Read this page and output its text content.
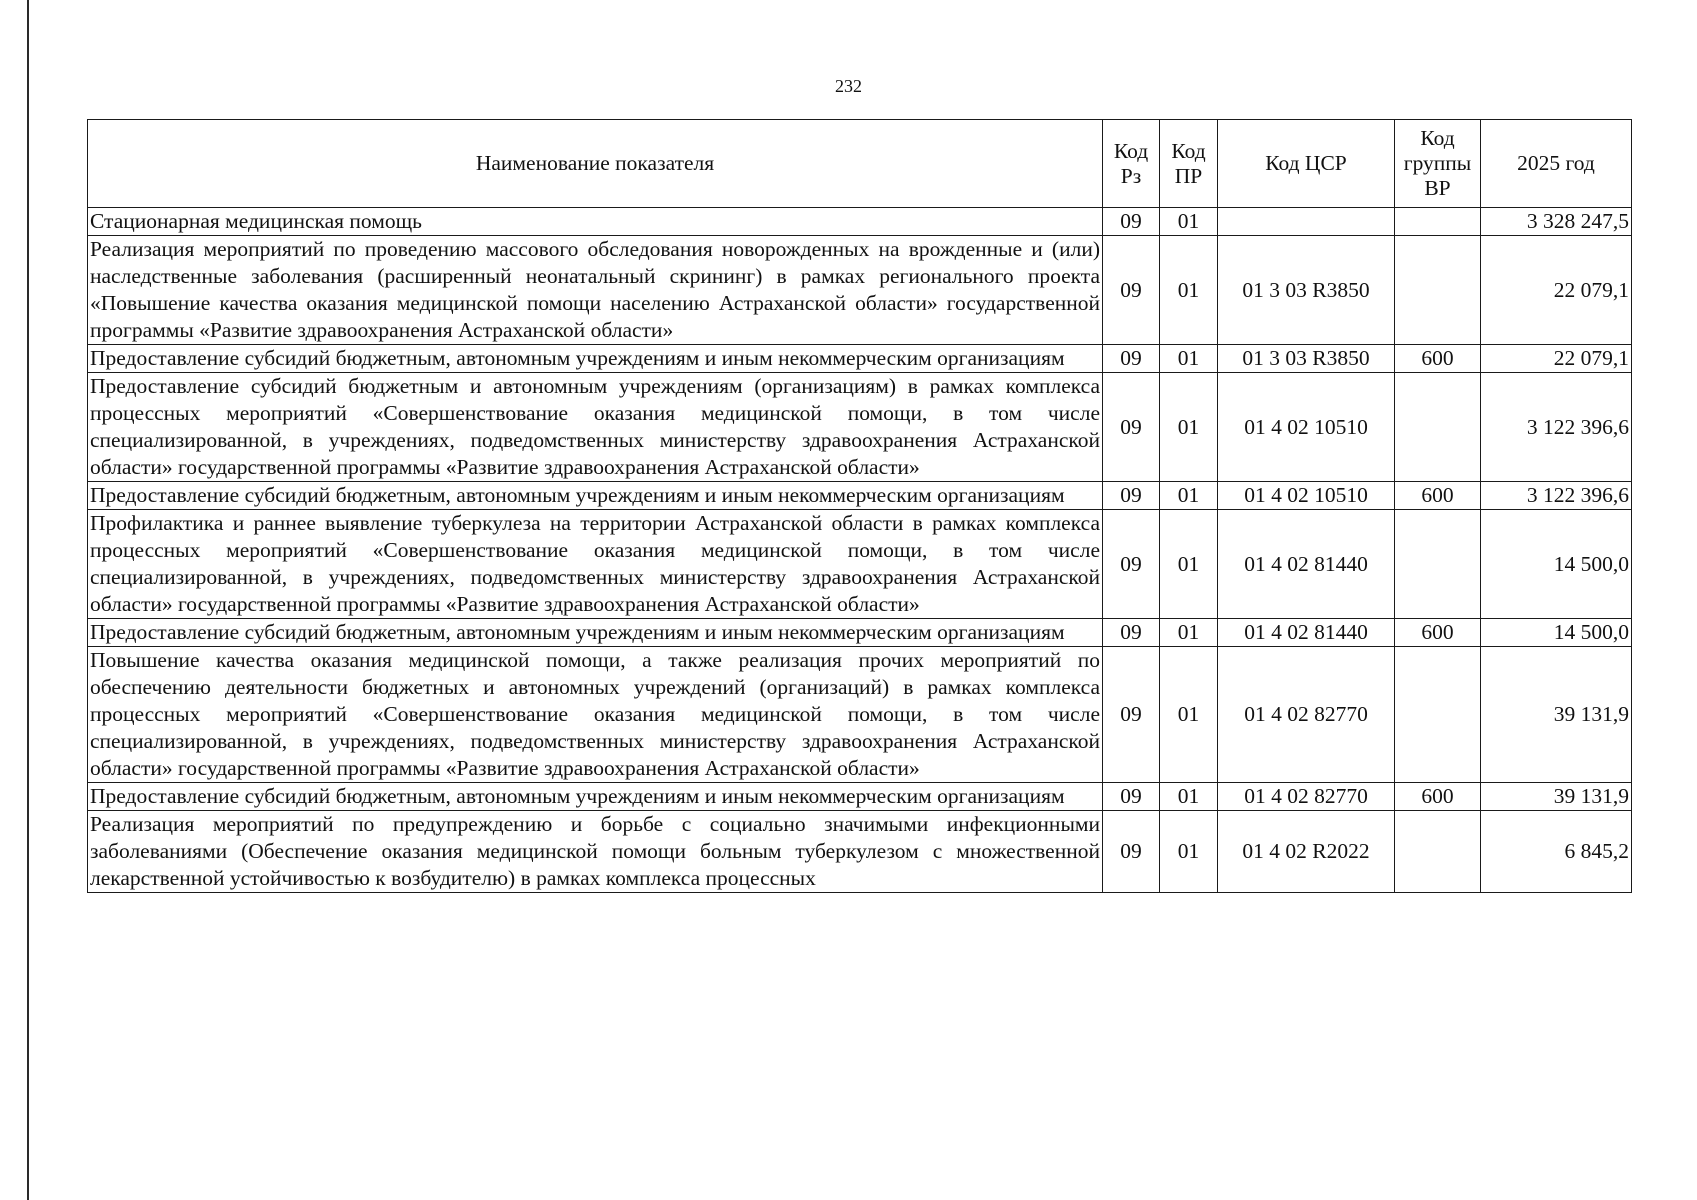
232
Наименование показателя	Код Рз	Код ПР	Код ЦСР	Код группы ВР	2025 год
Стационарная медицинская помощь	09	01			3 328 247,5
Реализация мероприятий по проведению массового обследования новорожденных на врожденные и (или) наследственные заболевания (расширенный неонатальный скрининг) в рамках регионального проекта «Повышение качества оказания медицинской помощи населению Астраханской области» государственной программы «Развитие здравоохранения Астраханской области»	09	01	01 3 03 R3850		22 079,1
Предоставление субсидий бюджетным, автономным учреждениям и иным некоммерческим организациям	09	01	01 3 03 R3850	600	22 079,1
Предоставление субсидий бюджетным и автономным учреждениям (организациям) в рамках комплекса процессных мероприятий «Совершенствование оказания медицинской помощи, в том числе специализированной, в учреждениях, подведомственных министерству здравоохранения Астраханской области» государственной программы «Развитие здравоохранения Астраханской области»	09	01	01 4 02 10510		3 122 396,6
Предоставление субсидий бюджетным, автономным учреждениям и иным некоммерческим организациям	09	01	01 4 02 10510	600	3 122 396,6
Профилактика и раннее выявление туберкулеза на территории Астраханской области в рамках комплекса процессных мероприятий «Совершенствование оказания медицинской помощи, в том числе специализированной, в учреждениях, подведомственных министерству здравоохранения Астраханской области» государственной программы «Развитие здравоохранения Астраханской области»	09	01	01 4 02 81440		14 500,0
Предоставление субсидий бюджетным, автономным учреждениям и иным некоммерческим организациям	09	01	01 4 02 81440	600	14 500,0
Повышение качества оказания медицинской помощи, а также реализация прочих мероприятий по обеспечению деятельности бюджетных и автономных учреждений (организаций) в рамках комплекса процессных мероприятий «Совершенствование оказания медицинской помощи, в том числе специализированной, в учреждениях, подведомственных министерству здравоохранения Астраханской области» государственной программы «Развитие здравоохранения Астраханской области»	09	01	01 4 02 82770		39 131,9
Предоставление субсидий бюджетным, автономным учреждениям и иным некоммерческим организациям	09	01	01 4 02 82770	600	39 131,9
Реализация мероприятий по предупреждению и борьбе с социально значимыми инфекционными заболеваниями (Обеспечение оказания медицинской помощи больным туберкулезом с множественной лекарственной устойчивостью к возбудителю) в рамках комплекса процессных	09	01	01 4 02 R2022		6 845,2
